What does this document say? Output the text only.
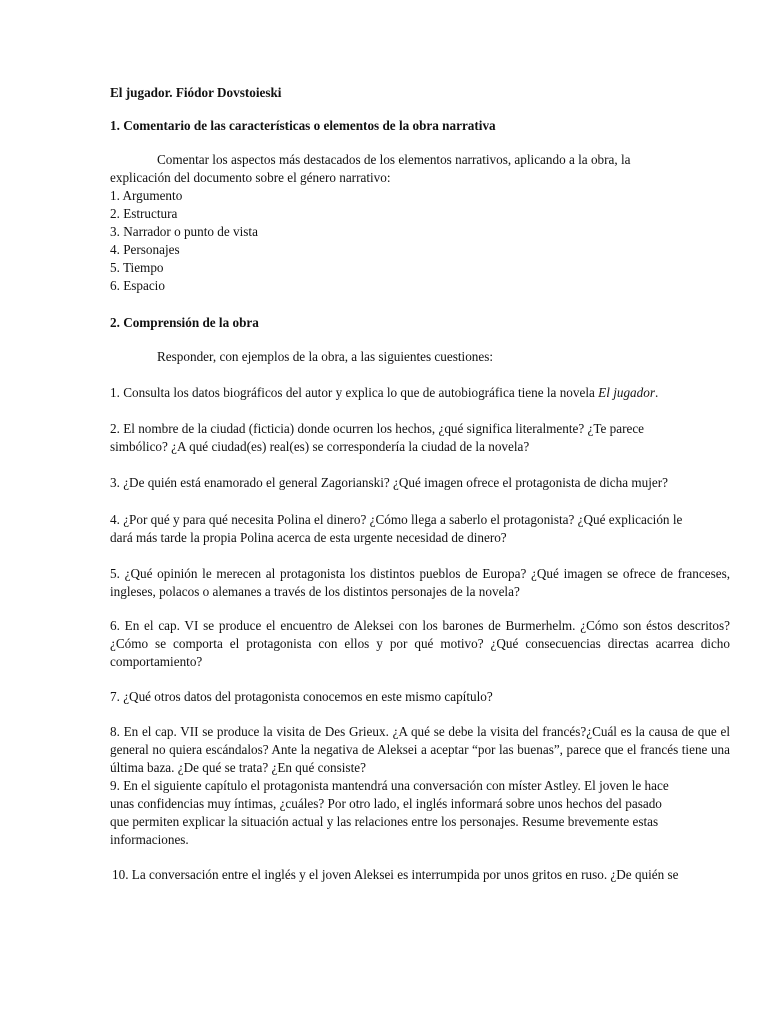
El jugador. Fiódor Dovstoieski

1. Comentario de las características o elementos de la obra narrativa

Comentar los aspectos más destacados de los elementos narrativos, aplicando a la obra, la

explicación del documento sobre el género narrativo:

1. Argumento
2. Estructura
3. Narrador o punto de vista
4. Personajes
5. Tiempo
6. Espacio

2. Comprensión de la obra

Responder, con ejemplos de la obra, a las siguientes cuestiones:

1. Consulta los datos biográficos del autor y explica lo que de autobiográfica tiene la novela El jugador.

2. El nombre de la ciudad (ficticia) donde ocurren los hechos, ¿qué significa literalmente? ¿Te parece

simbólico? ¿A qué ciudad(es) real(es) se correspondería la ciudad de la novela?

3. ¿De quién está enamorado el general Zagorianski? ¿Qué imagen ofrece el protagonista de dicha mujer?

4. ¿Por qué y para qué necesita Polina el dinero? ¿Cómo llega a saberlo el protagonista? ¿Qué explicación le

dará más tarde la propia Polina acerca de esta urgente necesidad de dinero?

5. ¿Qué opinión le merecen al protagonista los distintos pueblos de Europa? ¿Qué imagen se ofrece de franceses, ingleses, polacos o alemanes a través de los distintos personajes de la novela?

6. En el cap. VI se produce el encuentro de Aleksei con los barones de Burmerhelm. ¿Cómo son éstos descritos? ¿Cómo se comporta el protagonista con ellos y por qué motivo? ¿Qué consecuencias directas acarrea dicho comportamiento?

7. ¿Qué otros datos del protagonista conocemos en este mismo capítulo?

8. En el cap. VII se produce la visita de Des Grieux. ¿A qué se debe la visita del francés?¿Cuál es la causa de que el general no quiera escándalos? Ante la negativa de Aleksei a aceptar “por las buenas”, parece que el francés tiene una última baza. ¿De qué se trata? ¿En qué consiste?

9. En el siguiente capítulo el protagonista mantendrá una conversación con míster Astley. El joven le hace

unas confidencias muy íntimas, ¿cuáles? Por otro lado, el inglés informará sobre unos hechos del pasado

que permiten explicar la situación actual y las relaciones entre los personajes. Resume brevemente estas

informaciones.

10. La conversación entre el inglés y el joven Aleksei es interrumpida por unos gritos en ruso. ¿De quién se
